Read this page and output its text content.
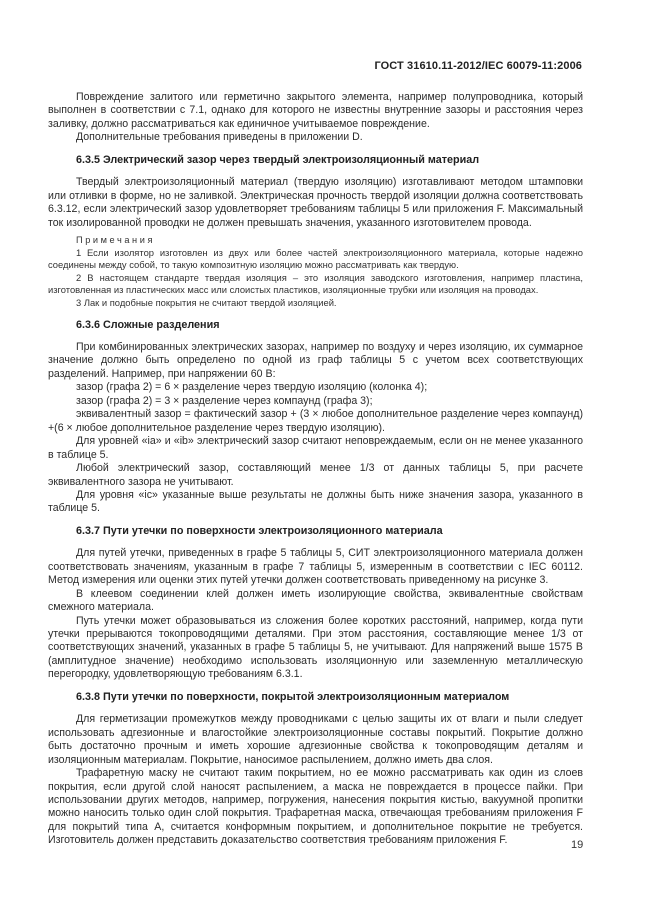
ГОСТ 31610.11-2012/IEC 60079-11:2006

Повреждение залитого или герметично закрытого элемента, например полупроводника, который выполнен в соответствии с 7.1, однако для которого не известны внутренние зазоры и расстояния через заливку, должно рассматриваться как единичное учитываемое повреждение.

Дополнительные требования приведены в приложении D.

6.3.5 Электрический зазор через твердый электроизоляционный материал

Твердый электроизоляционный материал (твердую изоляцию) изготавливают методом штамповки или отливки в форме, но не заливкой. Электрическая прочность твердой изоляции должна соответствовать 6.3.12, если электрический зазор удовлетворяет требованиям таблицы 5 или приложения F. Максимальный ток изолированной проводки не должен превышать значения, указанного изготовителем провода.

Примечания

1 Если изолятор изготовлен из двух или более частей электроизоляционного материала, которые надежно соединены между собой, то такую композитную изоляцию можно рассматривать как твердую.

2 В настоящем стандарте твердая изоляция – это изоляция заводского изготовления, например пластина, изготовленная из пластических масс или слоистых пластиков, изоляционные трубки или изоляция на проводах.

3 Лак и подобные покрытия не считают твердой изоляцией.

6.3.6 Сложные разделения

При комбинированных электрических зазорах, например по воздуху и через изоляцию, их суммарное значение должно быть определено по одной из граф таблицы 5 с учетом всех соответствующих разделений. Например, при напряжении 60 В:

зазор (графа 2) = 6 × разделение через твердую изоляцию (колонка 4);

зазор (графа 2) = 3 × разделение через компаунд (графа 3);

эквивалентный зазор = фактический зазор + (3 × любое дополнительное разделение через компаунд) +(6 × любое дополнительное разделение через твердую изоляцию).

Для уровней «ia» и «ib» электрический зазор считают неповреждаемым, если он не менее указанного в таблице 5.

Любой электрический зазор, составляющий менее 1/3 от данных таблицы 5, при расчете эквивалентного зазора не учитывают.

Для уровня «ic» указанные выше результаты не должны быть ниже значения зазора, указанного в таблице 5.

6.3.7 Пути утечки по поверхности электроизоляционного материала

Для путей утечки, приведенных в графе 5 таблицы 5, СИТ электроизоляционного материала должен соответствовать значениям, указанным в графе 7 таблицы 5, измеренным в соответствии с IEC 60112. Метод измерения или оценки этих путей утечки должен соответствовать приведенному на рисунке 3.

В клеевом соединении клей должен иметь изолирующие свойства, эквивалентные свойствам смежного материала.

Путь утечки может образовываться из сложения более коротких расстояний, например, когда пути утечки прерываются токопроводящими деталями. При этом расстояния, составляющие менее 1/3 от соответствующих значений, указанных в графе 5 таблицы 5, не учитывают. Для напряжений выше 1575 В (амплитудное значение) необходимо использовать изоляционную или заземленную металлическую перегородку, удовлетворяющую требованиям 6.3.1.

6.3.8 Пути утечки по поверхности, покрытой электроизоляционным материалом

Для герметизации промежутков между проводниками с целью защиты их от влаги и пыли следует использовать адгезионные и влагостойкие электроизоляционные составы покрытий. Покрытие должно быть достаточно прочным и иметь хорошие адгезионные свойства к токопроводящим деталям и изоляционным материалам. Покрытие, наносимое распылением, должно иметь два слоя.

Трафаретную маску не считают таким покрытием, но ее можно рассматривать как один из слоев покрытия, если другой слой наносят распылением, а маска не повреждается в процессе пайки. При использовании других методов, например, погружения, нанесения покрытия кистью, вакуумной пропитки можно наносить только один слой покрытия. Трафаретная маска, отвечающая требованиям приложения F для покрытий типа А, считается конформным покрытием, и дополнительное покрытие не требуется. Изготовитель должен представить доказательство соответствия требованиям приложения F.	19
